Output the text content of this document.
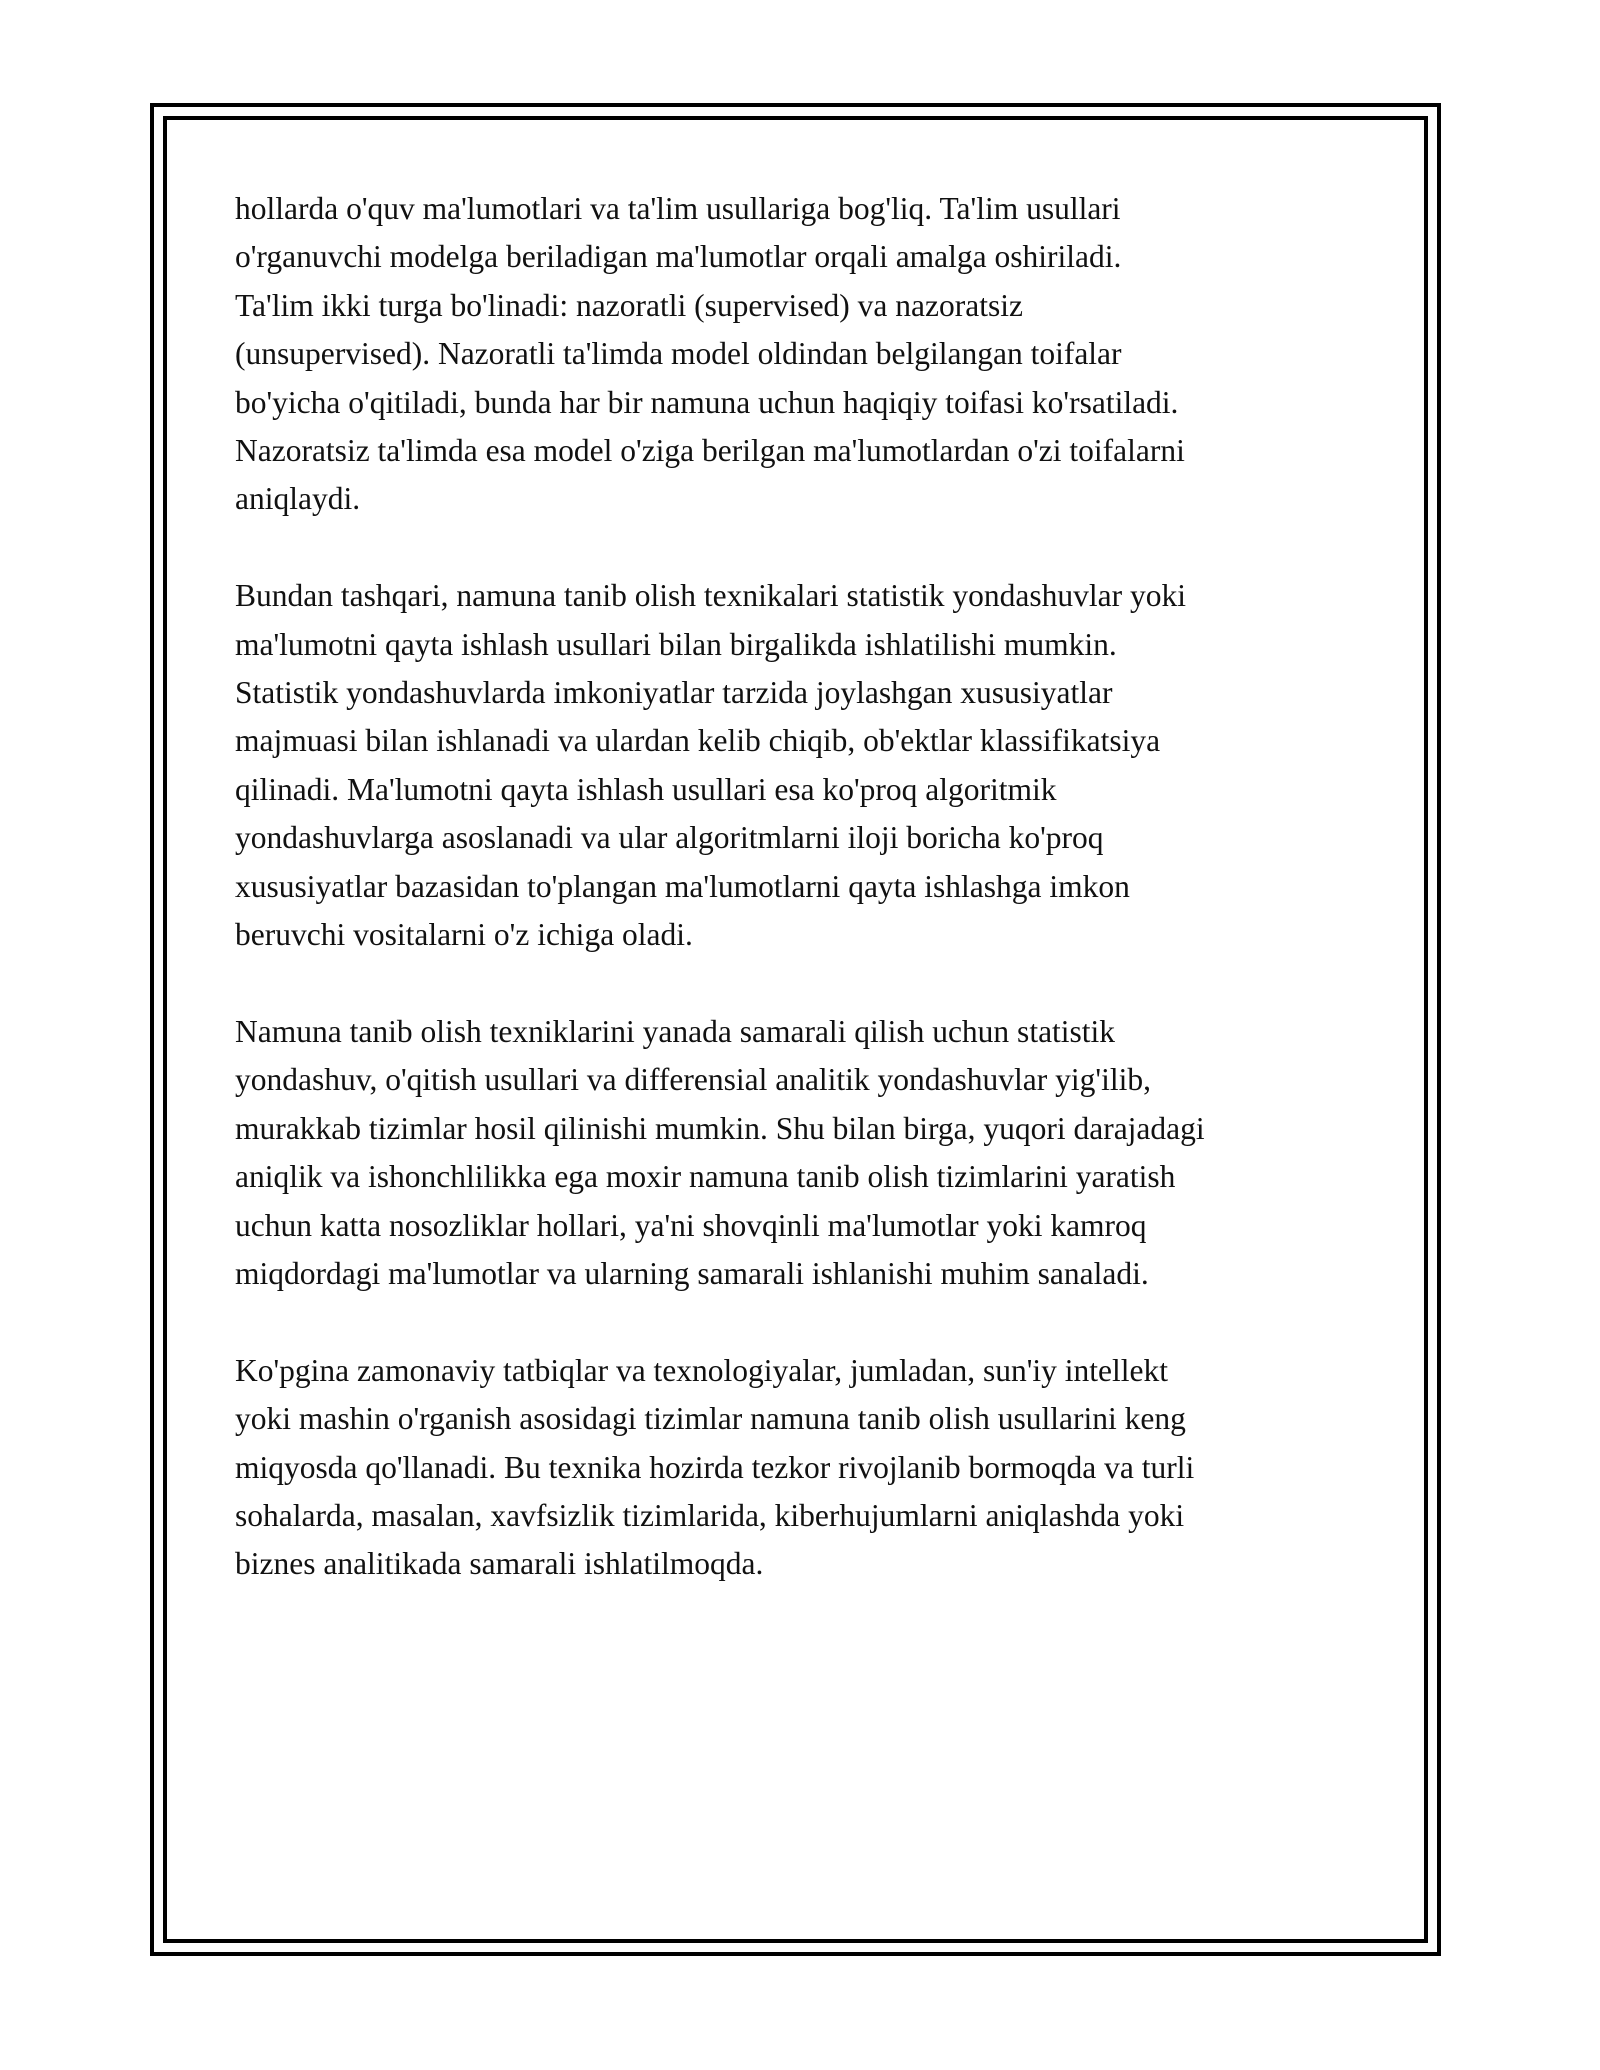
hollarda o'quv ma'lumotlari va ta'lim usullariga bog'liq. Ta'lim usullari
o'rganuvchi modelga beriladigan ma'lumotlar orqali amalga oshiriladi.
Ta'lim ikki turga bo'linadi: nazoratli (supervised) va nazoratsiz
(unsupervised). Nazoratli ta'limda model oldindan belgilangan toifalar
bo'yicha o'qitiladi, bunda har bir namuna uchun haqiqiy toifasi ko'rsatiladi.
Nazoratsiz ta'limda esa model o'ziga berilgan ma'lumotlardan o'zi toifalarni
aniqlaydi.

Bundan tashqari, namuna tanib olish texnikalari statistik yondashuvlar yoki
ma'lumotni qayta ishlash usullari bilan birgalikda ishlatilishi mumkin.
Statistik yondashuvlarda imkoniyatlar tarzida joylashgan xususiyatlar
majmuasi bilan ishlanadi va ulardan kelib chiqib, ob'ektlar klassifikatsiya
qilinadi. Ma'lumotni qayta ishlash usullari esa ko'proq algoritmik
yondashuvlarga asoslanadi va ular algoritmlarni iloji boricha ko'proq
xususiyatlar bazasidan to'plangan ma'lumotlarni qayta ishlashga imkon
beruvchi vositalarni o'z ichiga oladi.

Namuna tanib olish texniklarini yanada samarali qilish uchun statistik
yondashuv, o'qitish usullari va differensial analitik yondashuvlar yig'ilib,
murakkab tizimlar hosil qilinishi mumkin. Shu bilan birga, yuqori darajadagi
aniqlik va ishonchlilikka ega moxir namuna tanib olish tizimlarini yaratish
uchun katta nosozliklar hollari, ya'ni shovqinli ma'lumotlar yoki kamroq
miqdordagi ma'lumotlar va ularning samarali ishlanishi muhim sanaladi.

Ko'pgina zamonaviy tatbiqlar va texnologiyalar, jumladan, sun'iy intellekt
yoki mashin o'rganish asosidagi tizimlar namuna tanib olish usullarini keng
miqyosda qo'llanadi. Bu texnika hozirda tezkor rivojlanib bormoqda va turli
sohalarda, masalan, xavfsizlik tizimlarida, kiberhujumlarni aniqlashda yoki
biznes analitikada samarali ishlatilmoqda.
